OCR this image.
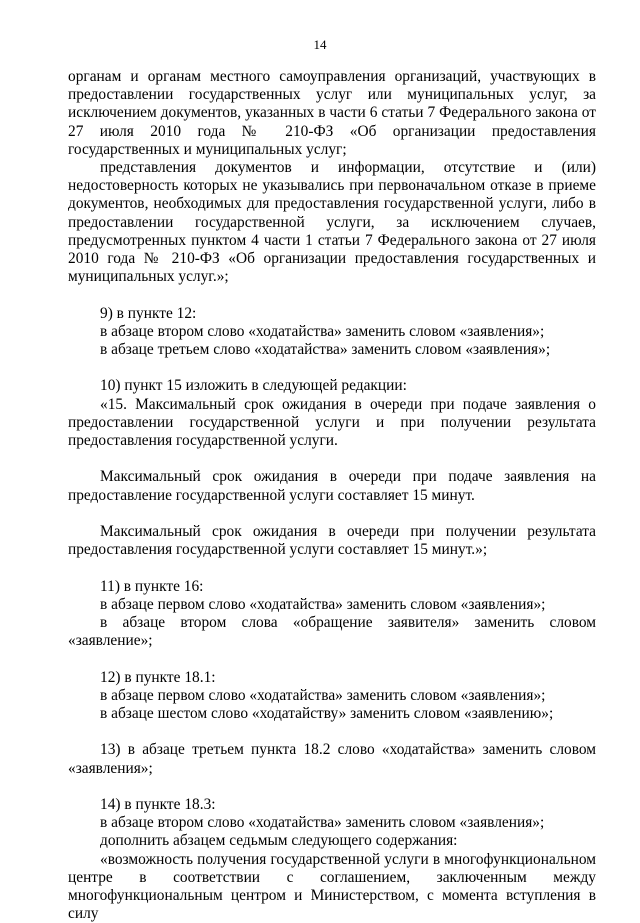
14

органам и органам местного самоуправления организаций, участвующих в предоставлении государственных услуг или муниципальных услуг, за исключением документов, указанных в части 6 статьи 7 Федерального закона от 27 июля 2010 года № 210-ФЗ «Об организации предоставления государственных и муниципальных услуг;

представления документов и информации, отсутствие и (или) недостоверность которых не указывались при первоначальном отказе в приеме документов, необходимых для предоставления государственной услуги, либо в предоставлении государственной услуги, за исключением случаев, предусмотренных пунктом 4 части 1 статьи 7 Федерального закона от 27 июля 2010 года № 210-ФЗ «Об организации предоставления государственных и муниципальных услуг.»;

9) в пункте 12:

в абзаце втором слово «ходатайства» заменить словом «заявления»;

в абзаце третьем слово «ходатайства» заменить словом «заявления»;

10) пункт 15 изложить в следующей редакции:

«15. Максимальный срок ожидания в очереди при подаче заявления о предоставлении государственной услуги и при получении результата предоставления государственной услуги.

Максимальный срок ожидания в очереди при подаче заявления на предоставление государственной услуги составляет 15 минут.

Максимальный срок ожидания в очереди при получении результата предоставления государственной услуги составляет 15 минут.»;

11) в пункте 16:

в абзаце первом слово «ходатайства» заменить словом «заявления»;

в абзаце втором слова «обращение заявителя» заменить словом «заявление»;

12) в пункте 18.1:

в абзаце первом слово «ходатайства» заменить словом «заявления»;

в абзаце шестом слово «ходатайству» заменить словом «заявлению»;

13) в абзаце третьем пункта 18.2 слово «ходатайства» заменить словом «заявления»;

14) в пункте 18.3:

в абзаце втором слово «ходатайства» заменить словом «заявления»;

дополнить абзацем седьмым следующего содержания:

«возможность получения государственной услуги в многофункциональном центре в соответствии с соглашением, заключенным между многофункциональным центром и Министерством, с момента вступления в силу
